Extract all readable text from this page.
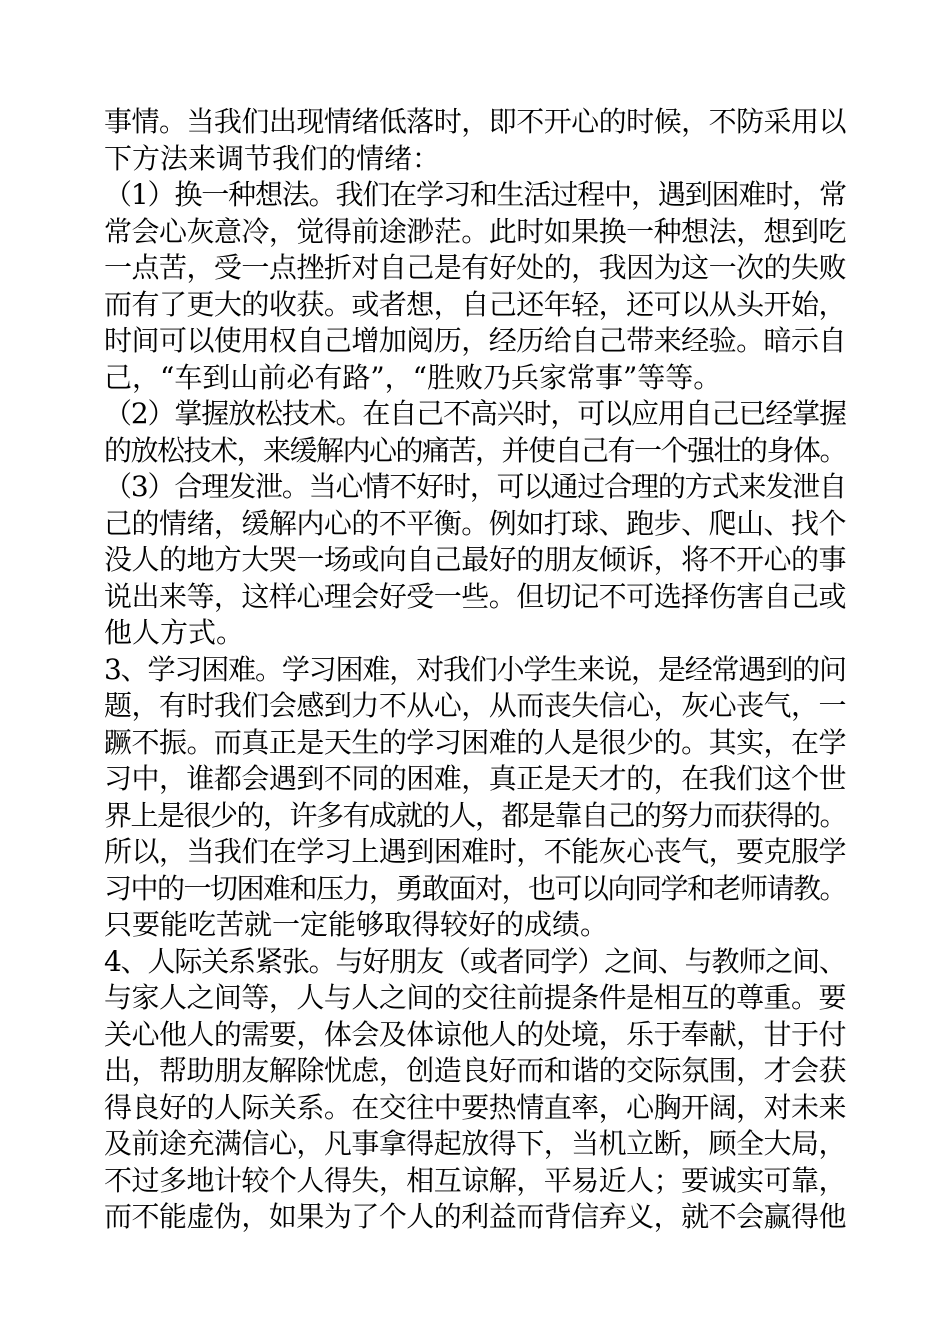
事情。当我们出现情绪低落时，即不开心的时候，不防采用以
下方法来调节我们的情绪：
（1）换一种想法。我们在学习和生活过程中，遇到困难时，常
常会心灰意冷，觉得前途渺茫。此时如果换一种想法，想到吃
一点苦，受一点挫折对自己是有好处的，我因为这一次的失败
而有了更大的收获。或者想，自己还年轻，还可以从头开始，
时间可以使用权自己增加阅历，经历给自己带来经验。暗示自
己，“车到山前必有路”，“胜败乃兵家常事”等等。
（2）掌握放松技术。在自己不高兴时，可以应用自己已经掌握
的放松技术，来缓解内心的痛苦，并使自己有一个强壮的身体。
（3）合理发泄。当心情不好时，可以通过合理的方式来发泄自
己的情绪，缓解内心的不平衡。例如打球、跑步、爬山、找个
没人的地方大哭一场或向自己最好的朋友倾诉，将不开心的事
说出来等，这样心理会好受一些。但切记不可选择伤害自己或
他人方式。
3、学习困难。学习困难，对我们小学生来说，是经常遇到的问
题，有时我们会感到力不从心，从而丧失信心，灰心丧气，一
蹶不振。而真正是天生的学习困难的人是很少的。其实，在学
习中，谁都会遇到不同的困难，真正是天才的，在我们这个世
界上是很少的，许多有成就的人，都是靠自己的努力而获得的。
所以，当我们在学习上遇到困难时，不能灰心丧气，要克服学
习中的一切困难和压力，勇敢面对，也可以向同学和老师请教。
只要能吃苦就一定能够取得较好的成绩。
4、人际关系紧张。与好朋友（或者同学）之间、与教师之间、
与家人之间等，人与人之间的交往前提条件是相互的尊重。要
关心他人的需要，体会及体谅他人的处境，乐于奉献，甘于付
出，帮助朋友解除忧虑，创造良好而和谐的交际氛围，才会获
得良好的人际关系。在交往中要热情直率，心胸开阔，对未来
及前途充满信心，凡事拿得起放得下，当机立断，顾全大局，
不过多地计较个人得失，相互谅解，平易近人；要诚实可靠，
而不能虚伪，如果为了个人的利益而背信弃义，就不会赢得他
